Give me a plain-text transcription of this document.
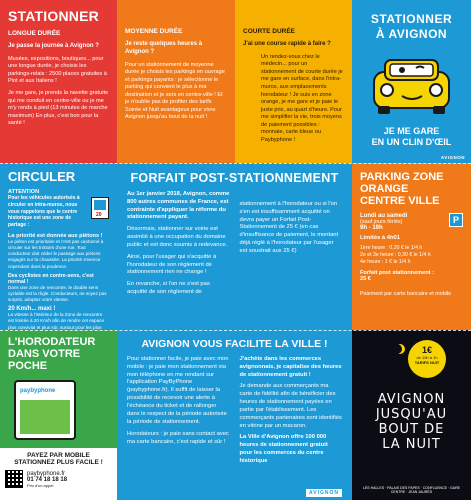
STATIONNER
LONGUE DURÉE
Je passe la journée à Avignon ?
Musées, expositions, boutiques... pour une longue durée, je choisis les parkings-relais : 2500 places gratuites à Piot et aux Italiens !
Je me gare, je prends la navette gratuite qui me conduit en centre-ville ou je me m'y rends à pied (13 minutes de marche maximum) En plus, c'est bon pour la santé !
MOYENNE DURÉE
Je reste quelques heures à Avignon ?
Pour un stationnement de moyenne durée je choisis les parkings en ouvrage et parkings payants : je sélectionne le parking qui convient le plus à ma destination et je sors en centre-ville ! Et je n'oublie pas de profiter des tarifs Soirée et Nuit avantageux pour vivre Avignon jusqu'au bout de la nuit !
COURTE DURÉE
J'ai une course rapide à faire ?
Un rendez-vous chez le médecin... pour un stationnement de courte durée je me gare en surface, dans l'intra-muros, aux emplacements horodateur ! Je suis en zone orange, je me gare et je paie le juste prix, au quart d'heure. Pour me simplifier la vie, trois moyens de paiement possibles : monnaie, carte bleue ou Paybyphone !
STATIONNER
À AVIGNON
JE ME GARE
EN UN CLIN D'ŒIL
AVIGNON
CIRCULER
ATTENTION
Pour les véhicules autorisés à circuler en intra-muros, nous vous rappelons que le centre historique est une zone de partage :
20
La priorité est donnée aux piétons !
Le piéton est prioritaire et n'est pas cantonné à circuler sur les trottoirs d'une rue. Tout conducteur doit céder le passage aux piétons engagés sur la chaussée. La priorité s'exerce cependant dans la prudence.
Des cyclistes en contre-sens, c'est normal !
Dans une zone de rencontre, le double sens cyclable est la règle. Conducteurs, ne soyez pas surpris, adoptez votre vitesse.
20 Km/h... maxi !
La vitesse à l'intérieur de la Zone de rencontre est limitée à 20 Km/h afin de rendre cet espace plus convivial et plus sûr, surtout pour les plus
FORFAIT POST-STATIONNEMENT
Au 1er janvier 2018, Avignon, comme 800 autres communes de France, est contrainte d'appliquer la réforme du stationnement payant.
Désormais, stationner sur voirie est assimilé à une occupation du domaine public et est donc soumis à redevance.
Ainsi, pour l'usager qui s'acquitte à l'horodateur de son règlement de stationnement rien ne change !
En revanche, si l'on ne s'est pas acquitté de son règlement de
stationnement à l'horodateur ou si l'on s'en est insuffisamment acquitté on devra payer un Forfait Post-Stationnement de 25 € (en cas d'insuffisance de paiement, le montant déjà réglé à l'horodateur par l'usager est soustrait aux 25 €)
PARKING ZONE
ORANGE
CENTRE VILLE
Lundi au samedi
(sauf jours fériés)
9h - 19h
P
Limitée à 4h01
1ère heure : 0,20 € le 1/4 h
2e et 3e heure : 0,30 € le 1/4 h
4e heure : 1 € le 1/4 h
Forfait post stationnement :
25 €
Paiement par carte bancaire et mobile
L'HORODATEUR
DANS VOTRE
POCHE
paybyphone
PAYEZ PAR MOBILE
STATIONNEZ PLUS FACILE !
paybyphone.fr
01 74 18 18 18
Prix d'un appel
AVIGNON VOUS FACILITE LA VILLE !
Pour stationner facile, je paie avec mon mobile : je paie mon stationnement via mon téléphone en me rendant sur l'application PayByPhone (paybyphone.fr). Il suffit de laisser la possibilité de recevoir une alerte à l'échéance du ticket et de rallonger dans le respect de la période autorisée la période de stationnement.
Horodateurs : je paie sans contact avec ma carte bancaire, c'est rapide et sûr !
J'achète dans les commerces avignonnais, je capitalise des heures de stationnement gratuit !
Je demande aux commerçants ma carte de fidélité afin de bénéficier des heures de stationnement payées en partie par l'établissement. Les commerçants partenaires sont identifiés en vitrine par un macaron.
La Ville d'Avignon offre 100 000 heures de stationnement gratuit pour les commerces du centre historique
AVIGNON
1€
de 19h à 1h
TARIFS NUIT
AVIGNON
JUSQU'AU
BOUT DE
LA NUIT
LES HALLES · PALAIS DES PAPES · CONFLUENCE · GARE CENTRE · JEAN JAURÈS
